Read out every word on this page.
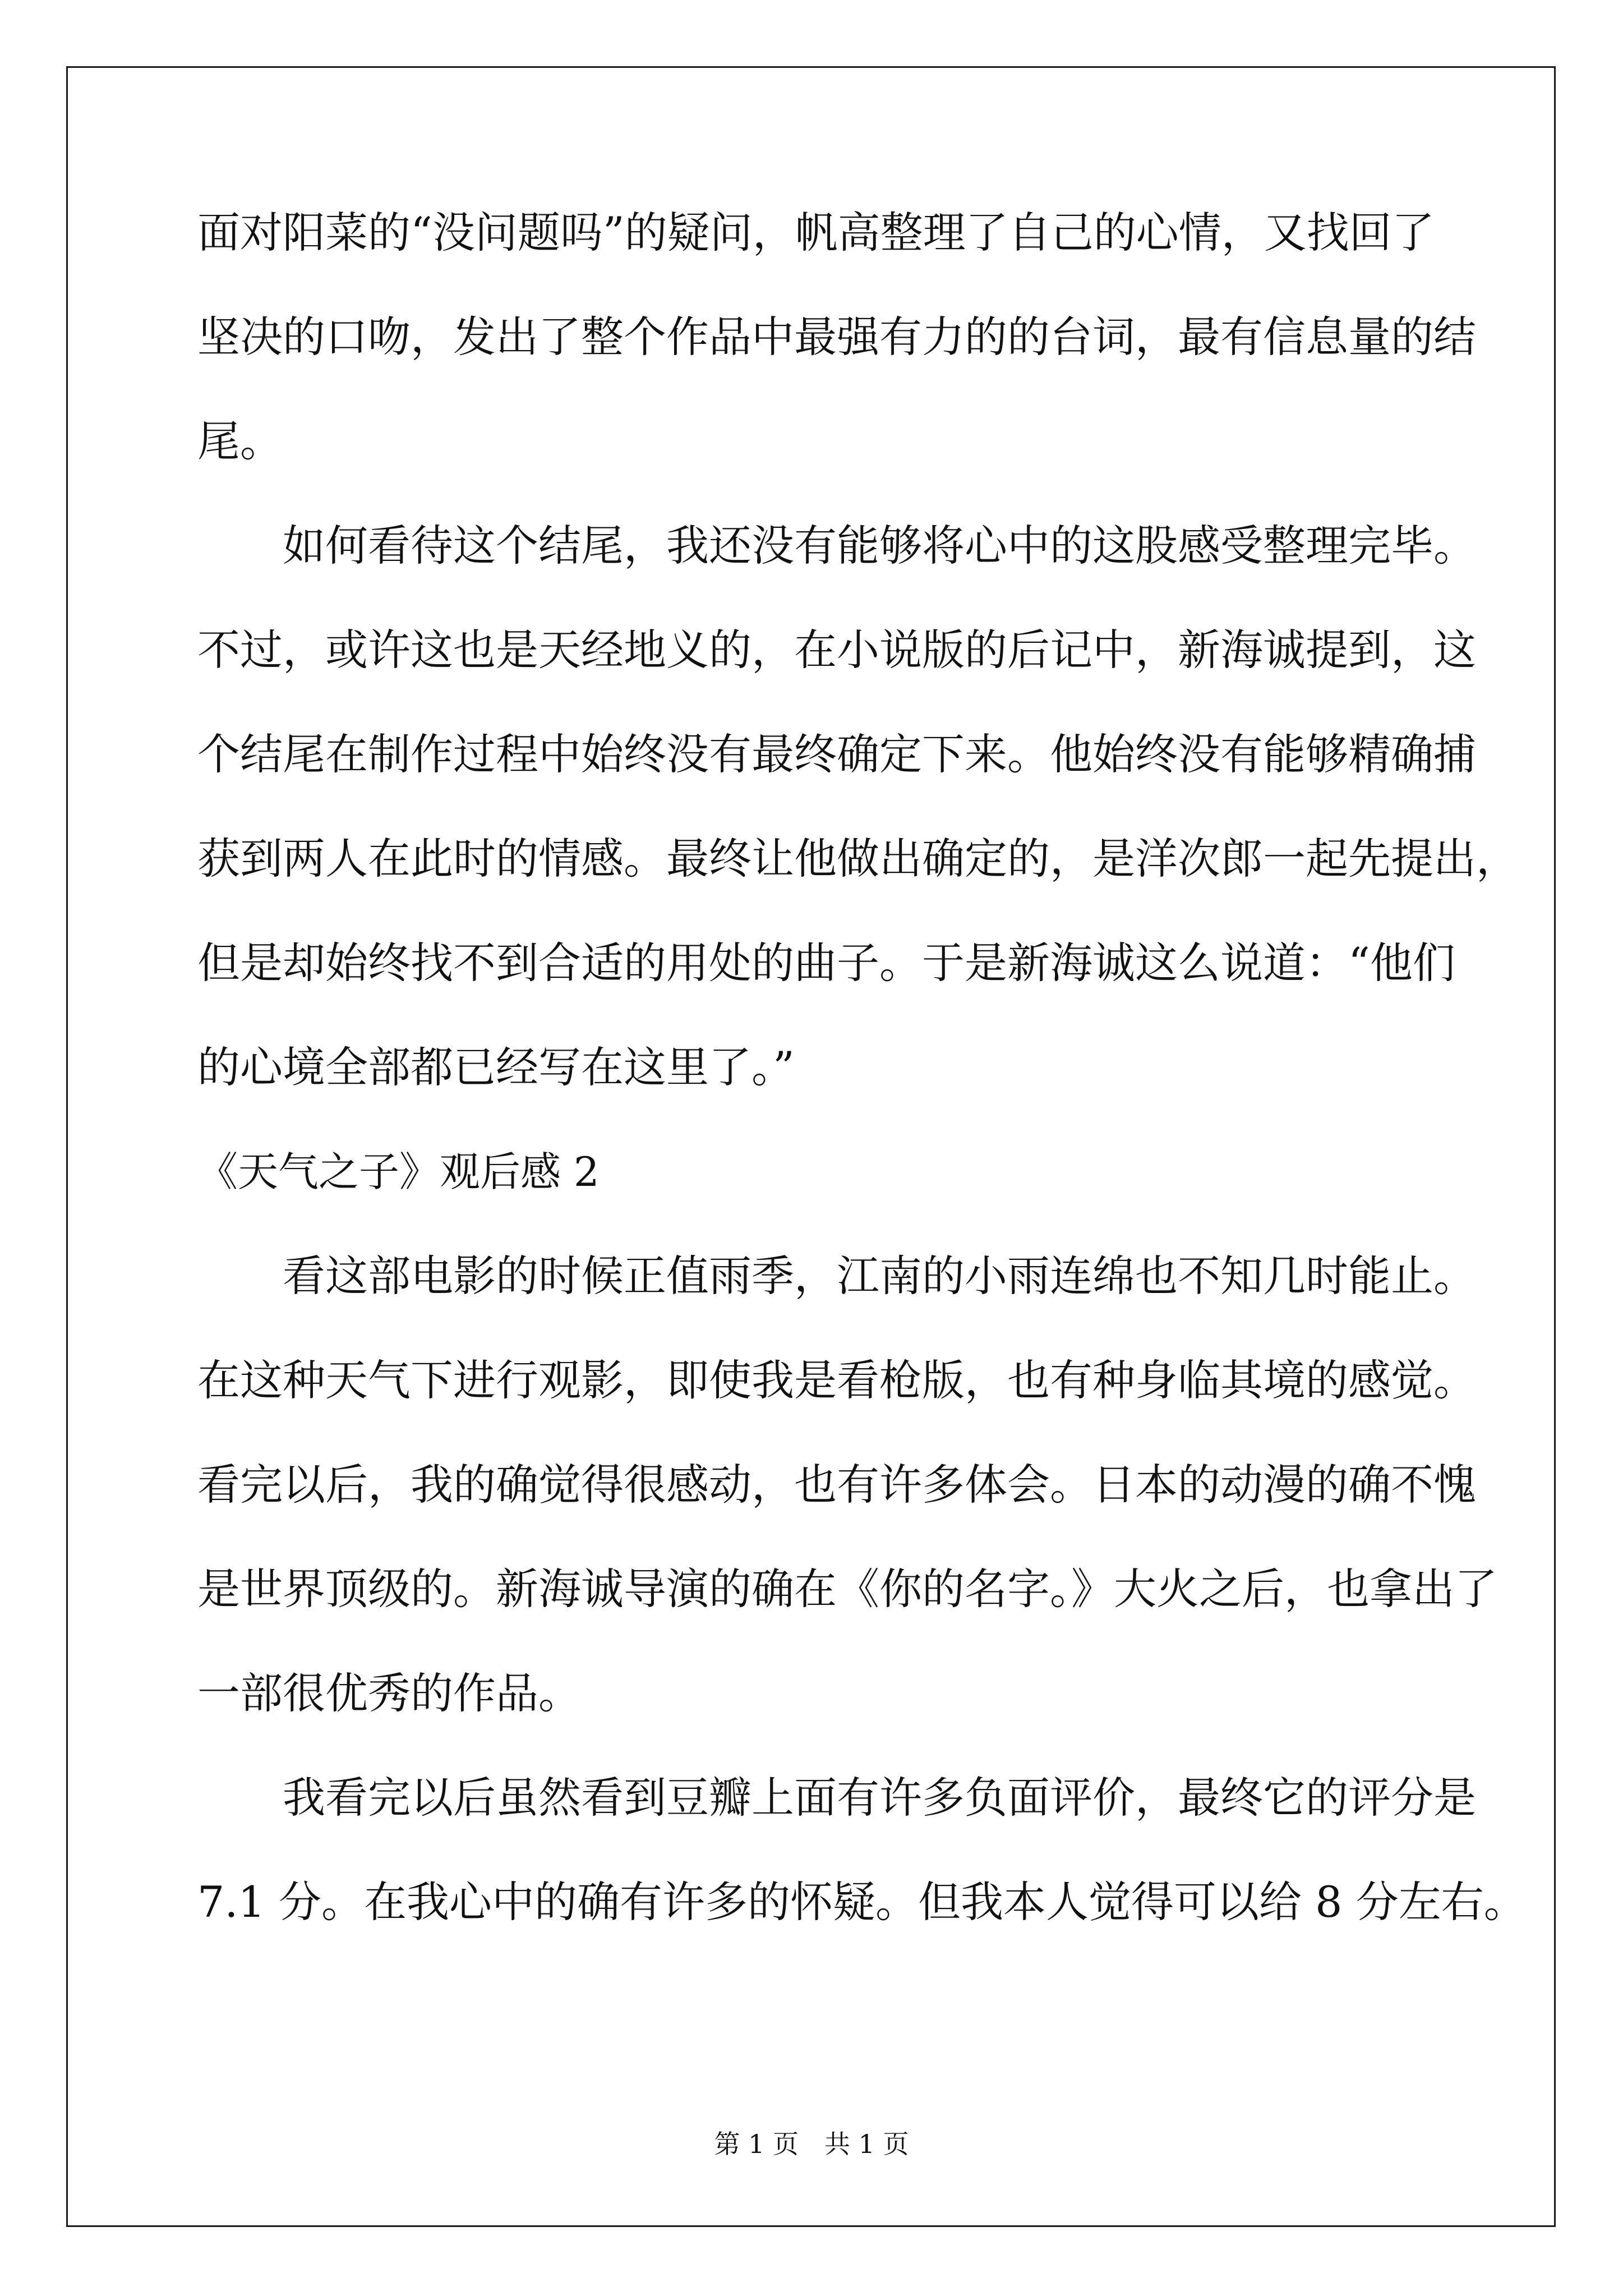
面对阳菜的“没问题吗”的疑问，帆高整理了自己的心情，又找回了
坚决的口吻，发出了整个作品中最强有力的的台词，最有信息量的结
尾。
如何看待这个结尾，我还没有能够将心中的这股感受整理完毕。
不过，或许这也是天经地义的，在小说版的后记中，新海诚提到，这
个结尾在制作过程中始终没有最终确定下来。他始终没有能够精确捕
获到两人在此时的情感。最终让他做出确定的，是洋次郎一起先提出，
但是却始终找不到合适的用处的曲子。于是新海诚这么说道：“他们
的心境全部都已经写在这里了。”
《天气之子》观后感 2
看这部电影的时候正值雨季，江南的小雨连绵也不知几时能止。
在这种天气下进行观影，即使我是看枪版，也有种身临其境的感觉。
看完以后，我的确觉得很感动，也有许多体会。日本的动漫的确不愧
是世界顶级的。新海诚导演的确在《你的名字。》大火之后，也拿出了
一部很优秀的作品。
我看完以后虽然看到豆瓣上面有许多负面评价，最终它的评分是
7.1 分。在我心中的确有许多的怀疑。但我本人觉得可以给 8 分左右。
第 1 页　共 1 页
